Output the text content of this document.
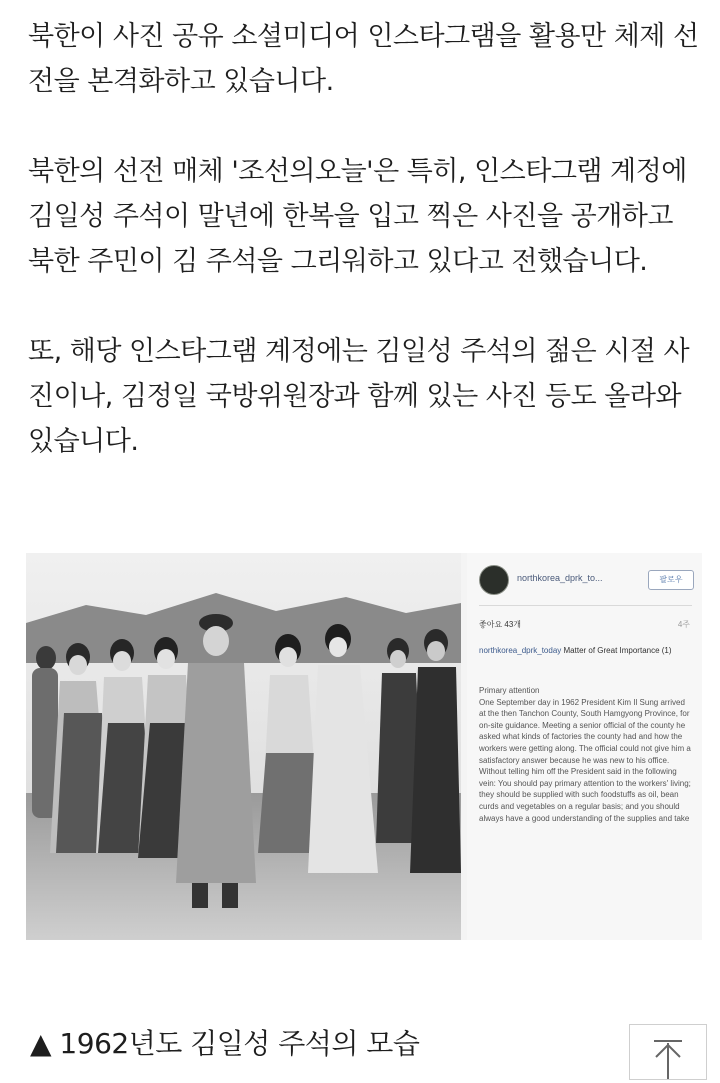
북한이 사진 공유 소셜미디어 인스타그램을 활용만 체제 선전을 본격화하고 있습니다.

북한의 선전 매체 '조선의오늘'은 특히, 인스타그램 계정에 김일성 주석이 말년에 한복을 입고 찍은 사진을 공개하고 북한 주민이 김 주석을 그리워하고 있다고 전했습니다.

또, 해당 인스타그램 계정에는 김일성 주석의 젊은 시절 사진이나, 김정일 국방위원장과 함께 있는 사진 등도 올라와 있습니다.

northkorea_dprk_to...	팔로우
좋아요 43개	4주
northkorea_dprk_today Matter of Great Importance (1)
Primary attention
One September day in 1962 President Kim Il Sung arrived at the then Tanchon County, South Hamgyong Province, for on-site guidance. Meeting a senior official of the county he asked what kinds of factories the county had and how the workers were getting along. The official could not give him a satisfactory answer because he was new to his office.
Without telling him off the President said in the following vein: You should pay primary attention to the workers' living; they should be supplied with such foodstuffs as oil, bean curds and vegetables on a regular basis; and you should always have a good understanding of the supplies and take
▲ 1962년도 김일성 주석의 모습
